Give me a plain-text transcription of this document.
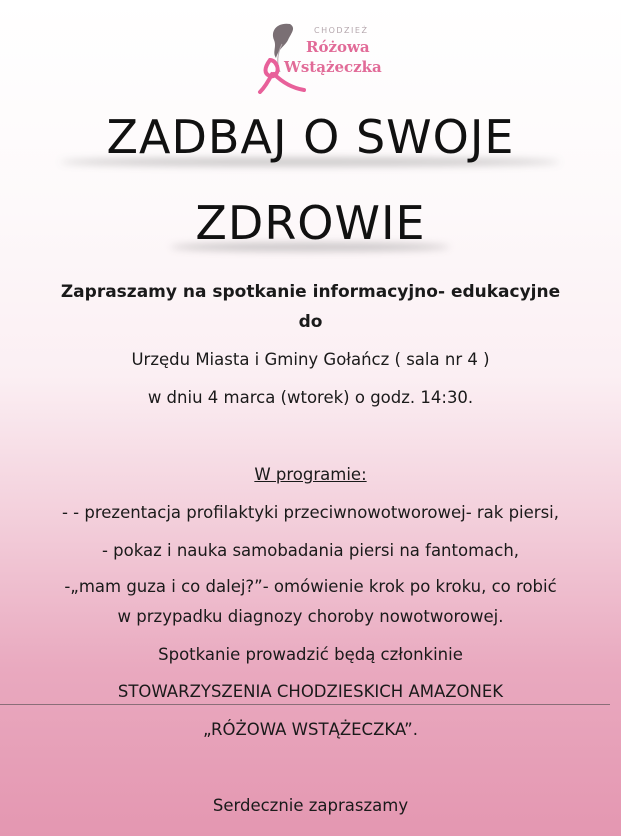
CHODZIEŻ
Różowa
Wstążeczka
ZADBAJ O SWOJE
ZDROWIE
Zapraszamy na spotkanie informacyjno- edukacyjne
do
Urzędu Miasta i Gminy Gołańcz ( sala nr 4 )
w dniu 4 marca (wtorek) o godz. 14:30.
W programie:
- - prezentacja profilaktyki przeciwnowotworowej- rak piersi,
- pokaz i nauka samobadania piersi na fantomach,
-„mam guza i co dalej?”- omówienie krok po kroku, co robić
w przypadku diagnozy choroby nowotworowej.
Spotkanie prowadzić będą członkinie
STOWARZYSZENIA CHODZIESKICH AMAZONEK
„RÓŻOWA WSTĄŻECZKA”.
Serdecznie zapraszamy
